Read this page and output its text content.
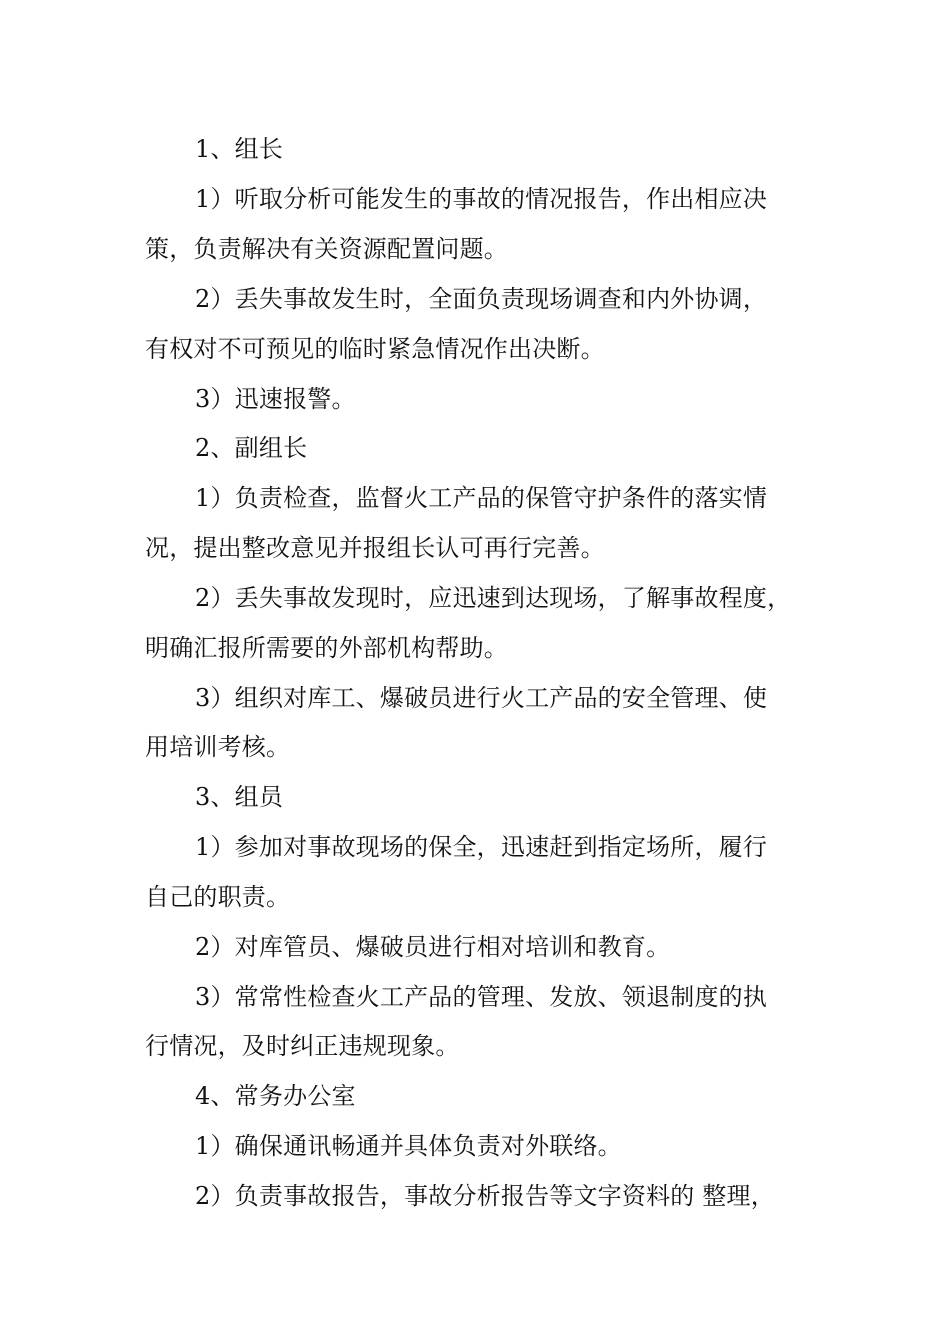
1、组长
1）听取分析可能发生的事故的情况报告，作出相应决
策，负责解决有关资源配置问题。
2）丢失事故发生时，全面负责现场调查和内外协调，
有权对不可预见的临时紧急情况作出决断。
3）迅速报警。
2、副组长
1）负责检查，监督火工产品的保管守护条件的落实情
况，提出整改意见并报组长认可再行完善。
2）丢失事故发现时，应迅速到达现场，了解事故程度，
明确汇报所需要的外部机构帮助。
3）组织对库工、爆破员进行火工产品的安全管理、使
用培训考核。
3、组员
1）参加对事故现场的保全，迅速赶到指定场所，履行
自己的职责。
2）对库管员、爆破员进行相对培训和教育。
3）常常性检查火工产品的管理、发放、领退制度的执
行情况，及时纠正违规现象。
4、常务办公室
1）确保通讯畅通并具体负责对外联络。
2）负责事故报告，事故分析报告等文字资料的 整理，
